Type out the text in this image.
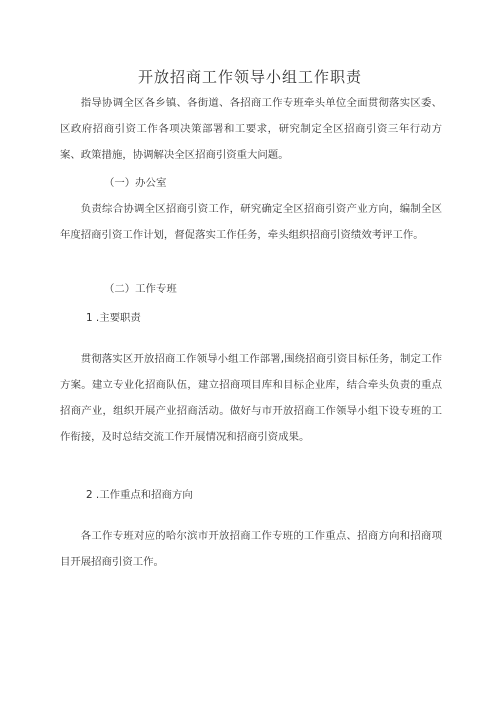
开放招商工作领导小组工作职责

指导协调全区各乡镇、各街道、各招商工作专班牵头单位全面贯彻落实区委、区政府招商引资工作各项决策部署和工要求，研究制定全区招商引资三年行动方案、政策措施，协调解决全区招商引资重大问题。

（一）办公室

负责综合协调全区招商引资工作，研究确定全区招商引资产业方向，编制全区年度招商引资工作计划，督促落实工作任务，牵头组织招商引资绩效考评工作。

（二）工作专班

1 .主要职责

贯彻落实区开放招商工作领导小组工作部署,围绕招商引资目标任务，制定工作方案。建立专业化招商队伍，建立招商项目库和目标企业库，结合牵头负责的重点招商产业，组织开展产业招商活动。做好与市开放招商工作领导小组下设专班的工作衔接，及时总结交流工作开展情况和招商引资成果。

2 .工作重点和招商方向

各工作专班对应的哈尔滨市开放招商工作专班的工作重点、招商方向和招商项目开展招商引资工作。
